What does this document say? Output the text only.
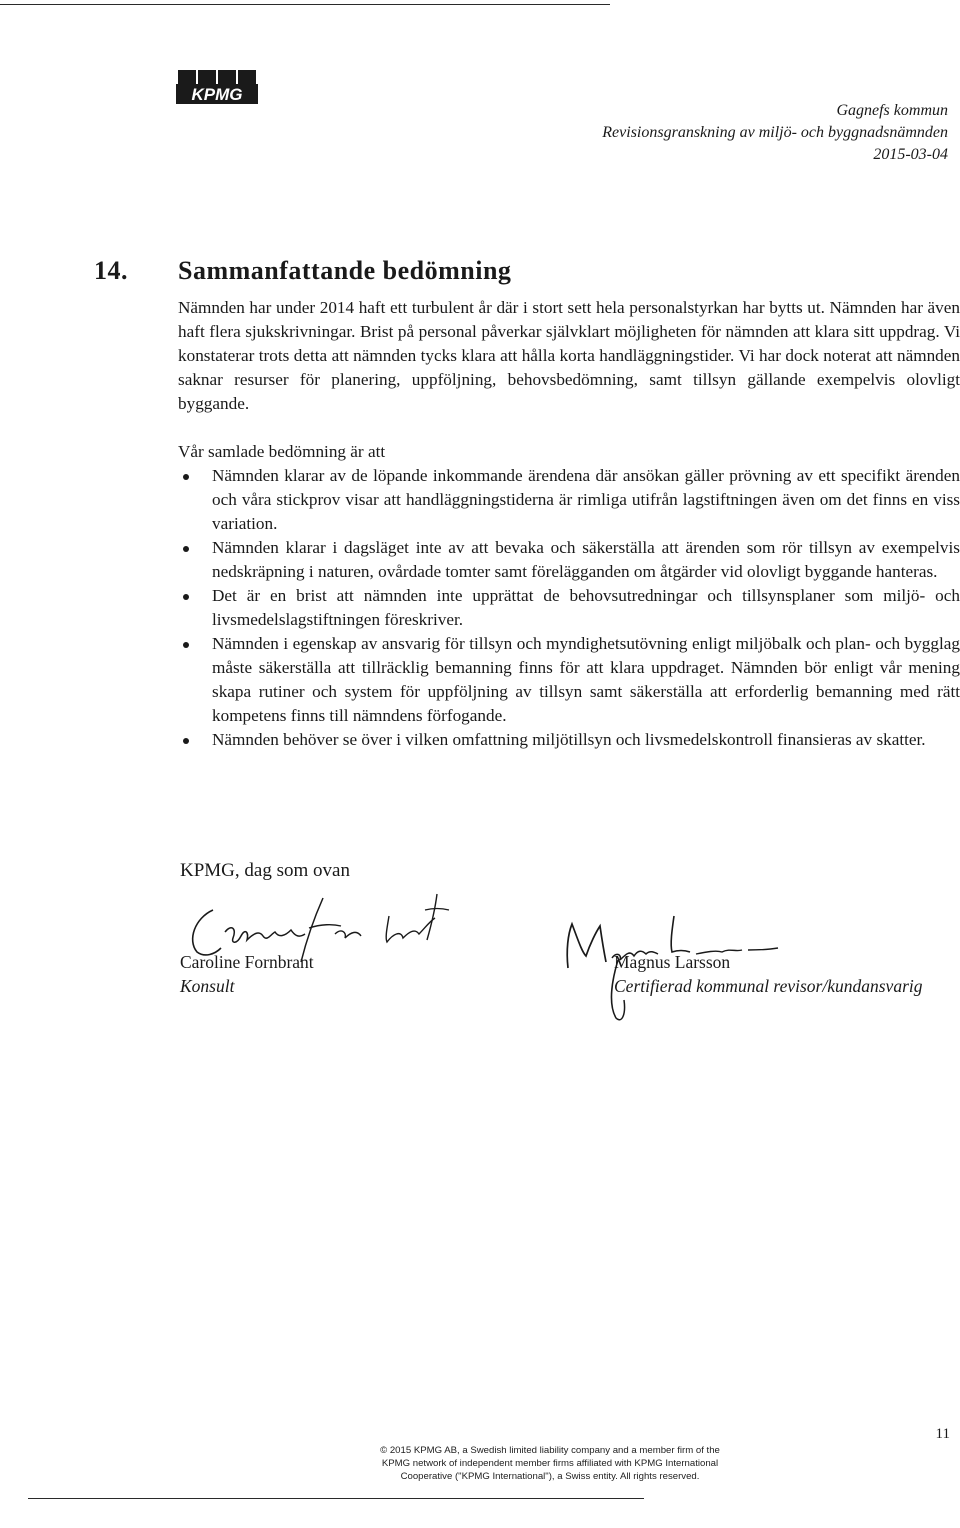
KPMG
Gagnefs kommun
Revisionsgranskning av miljö- och byggnadsnämnden
2015-03-04
14. Sammanfattande bedömning

Nämnden har under 2014 haft ett turbulent år där i stort sett hela personalstyrkan har bytts ut. Nämnden har även haft flera sjukskrivningar. Brist på personal påverkar självklart möjligheten för nämnden att klara sitt uppdrag. Vi konstaterar trots detta att nämnden tycks klara att hålla korta handläggningstider. Vi har dock noterat att nämnden saknar resurser för planering, uppföljning, behovsbedömning, samt tillsyn gällande exempelvis olovligt byggande.

Vår samlade bedömning är att

Nämnden klarar av de löpande inkommande ärendena där ansökan gäller prövning av ett specifikt ärenden och våra stickprov visar att handläggningstiderna är rimliga utifrån lagstiftningen även om det finns en viss variation.
Nämnden klarar i dagsläget inte av att bevaka och säkerställa att ärenden som rör tillsyn av exempelvis nedskräpning i naturen, ovårdade tomter samt förelägganden om åtgärder vid olovligt byggande hanteras.
Det är en brist att nämnden inte upprättat de behovsutredningar och tillsynsplaner som miljö- och livsmedelslagstiftningen föreskriver.
Nämnden i egenskap av ansvarig för tillsyn och myndighetsutövning enligt miljöbalk och plan- och bygglag måste säkerställa att tillräcklig bemanning finns för att klara uppdraget. Nämnden bör enligt vår mening skapa rutiner och system för uppföljning av tillsyn samt säkerställa att erforderlig bemanning med rätt kompetens finns till nämndens förfogande.
Nämnden behöver se över i vilken omfattning miljötillsyn och livsmedelskontroll finansieras av skatter.
KPMG, dag som ovan
Caroline Fornbrant
Konsult
Magnus Larsson
Certifierad kommunal revisor/kundansvarig
© 2015 KPMG AB, a Swedish limited liability company and a member firm of the
KPMG network of independent member firms affiliated with KPMG International
Cooperative ("KPMG International"), a Swiss entity. All rights reserved.
11
